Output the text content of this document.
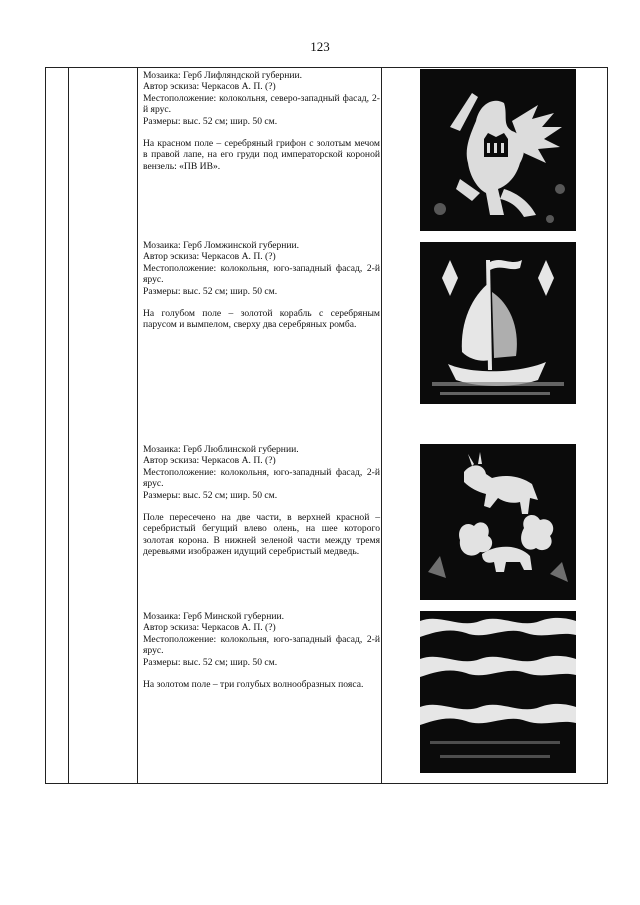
123

Мозаика: Герб Лифляндской губернии.

Автор эскиза: Черкасов А. П. (?)

Местоположение: колокольня, северо-западный фасад, 2-й ярус.

Размеры: выс. 52 см; шир. 50 см.

На красном поле – серебряный грифон с золотым мечом в правой лапе, на его груди под императорской короной вензель: «ПВ ИВ».

Мозаика: Герб Ломжинской губернии.

Автор эскиза: Черкасов А. П. (?)

Местоположение: колокольня, юго-западный фасад, 2-й ярус.

Размеры: выс. 52 см; шир. 50 см.

На голубом поле – золотой корабль с серебряным парусом и вымпелом, сверху два серебряных ромба.

Мозаика: Герб Люблинской губернии.

Автор эскиза: Черкасов А. П. (?)

Местоположение: колокольня, юго-западный фасад, 2-й ярус.

Размеры: выс. 52 см; шир. 50 см.

Поле пересечено на две части, в верхней красной – серебристый бегущий влево олень, на шее которого золотая корона. В нижней зеленой части между тремя деревьями изображен идущий серебристый медведь.

Мозаика: Герб Минской губернии.

Автор эскиза: Черкасов А. П. (?)

Местоположение: колокольня, юго-западный фасад, 2-й ярус.

Размеры: выс. 52 см; шир. 50 см.

На золотом поле – три голубых волнообразных пояса.
